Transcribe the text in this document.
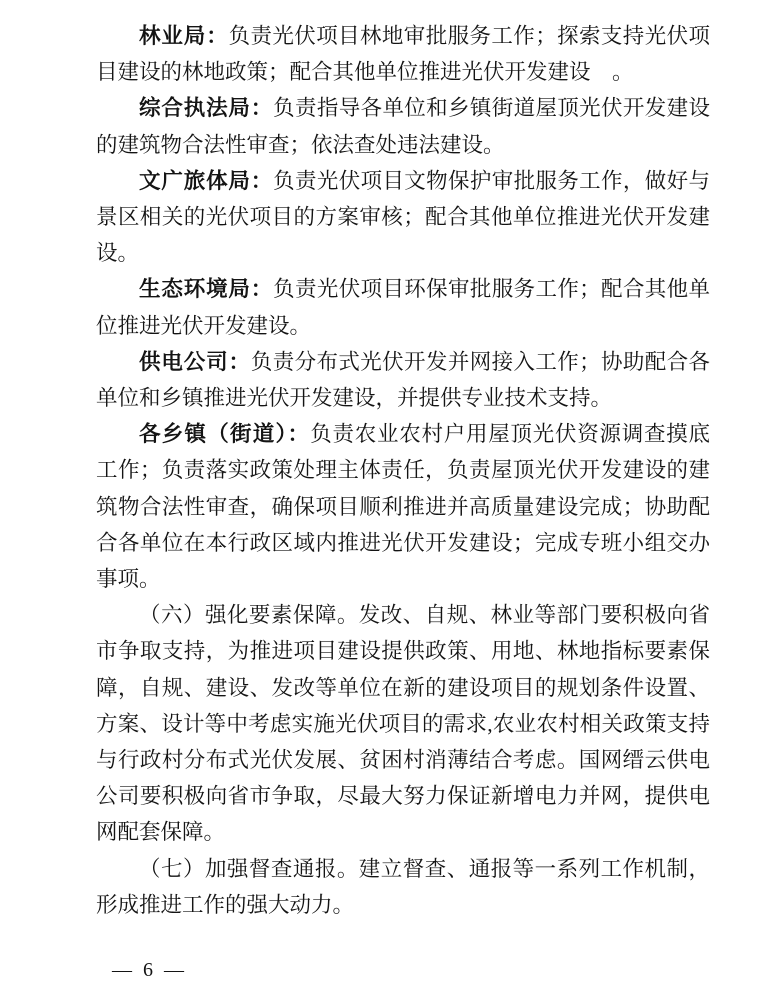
林业局：负责光伏项目林地审批服务工作；探索支持光伏项目建设的林地政策；配合其他单位推进光伏开发建设　。

综合执法局：负责指导各单位和乡镇街道屋顶光伏开发建设的建筑物合法性审查；依法查处违法建设。

文广旅体局：负责光伏项目文物保护审批服务工作，做好与景区相关的光伏项目的方案审核；配合其他单位推进光伏开发建设。

生态环境局：负责光伏项目环保审批服务工作；配合其他单位推进光伏开发建设。

供电公司：负责分布式光伏开发并网接入工作；协助配合各单位和乡镇推进光伏开发建设，并提供专业技术支持。

各乡镇（街道）：负责农业农村户用屋顶光伏资源调查摸底工作；负责落实政策处理主体责任，负责屋顶光伏开发建设的建筑物合法性审查，确保项目顺利推进并高质量建设完成；协助配合各单位在本行政区域内推进光伏开发建设；完成专班小组交办事项。

（六）强化要素保障。发改、自规、林业等部门要积极向省市争取支持，为推进项目建设提供政策、用地、林地指标要素保障，自规、建设、发改等单位在新的建设项目的规划条件设置、方案、设计等中考虑实施光伏项目的需求,农业农村相关政策支持与行政村分布式光伏发展、贫困村消薄结合考虑。国网缙云供电公司要积极向省市争取，尽最大努力保证新增电力并网，提供电网配套保障。

（七）加强督查通报。建立督查、通报等一系列工作机制，形成推进工作的强大动力。

— 6 —
